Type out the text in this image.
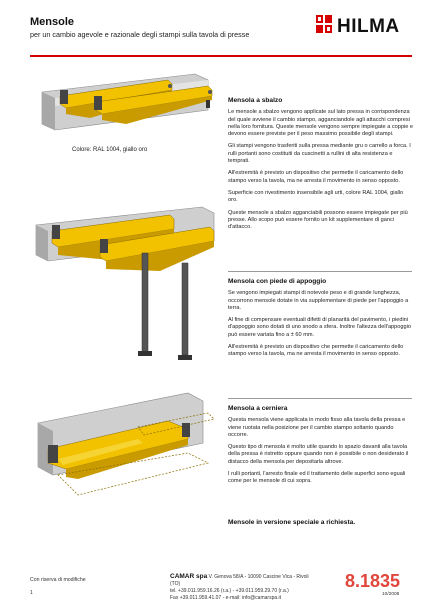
Mensole
per un cambio agevole e razionale degli stampi sulla tavola di presse	HILMA
Colore: RAL 1004, giallo oro
Mensola a sbalzo

Le mensole a sbalzo vengono applicate sul lato pressa in corrispondenza del quale avviene il cambio stampo, agganciandole agli attacchi compresi nella loro fornitura. Queste mensole vengono sempre impiegate a coppie e devono essere previste per il peso massimo possibile degli stampi.

Gli stampi vengono trasferiti sulla pressa mediante gru o carrello a forca. I rulli portanti sono costituiti da cuscinetti a rullini di alta resistenza e temprati.

All'estremità è previsto un dispositivo che permette il caricamento dello stampo verso la tavola, ma ne arresta il movimento in senso opposto.

Superficie con rivestimento insensibile agli urti, colore RAL 1004, giallo oro.

Queste mensole a sbalzo agganciabili possono essere impiegate per più presse. Allo scopo può essere fornito un kit supplementare di ganci d'attacco.

Mensola con piede di appoggio

Se vengono impiegati stampi di notevole peso e di grande lunghezza, occorrono mensole dotate in via supplementare di piede per l'appoggio a terra.

Al fine di compensare eventuali difetti di planarità del pavimento, i piedini d'appoggio sono dotati di uno snodo a sfera. Inoltre l'altezza dell'appoggio può essere variata fino a ± 60 mm.

All'estremità è previsto un dispositivo che permette il caricamento dello stampo verso la tavola, ma ne arresta il movimento in senso opposto.

Mensola a cerniera

Questa mensola viene applicata in modo fisso alla tavola della pressa e viene ruotata nella posizione per il cambio stampo soltanto quando occorre.

Questo tipo di mensola è molto utile quando lo spazio davanti alla tavola della pressa è ristretto oppure quando non è possibile o non desiderato il distacco della mensola per depositarla altrove.

I rulli portanti, l'arresto finale ed il trattamento delle superfici sono eguali come per le mensole di cui sopra.

Mensole in versione speciale a richiesta.
Con riserva di modifiche
1
CAMAR spa V. Genova 58/A - 10090 Cascine Vica - Rivoli (TO)
tel. +39.011.959.16.26 (r.a.) - +39.011.959.29.70 (r.a.)
Fax +39.011.959.41.07 - e-mail: info@camarspa.it
8.1835
10/2008
